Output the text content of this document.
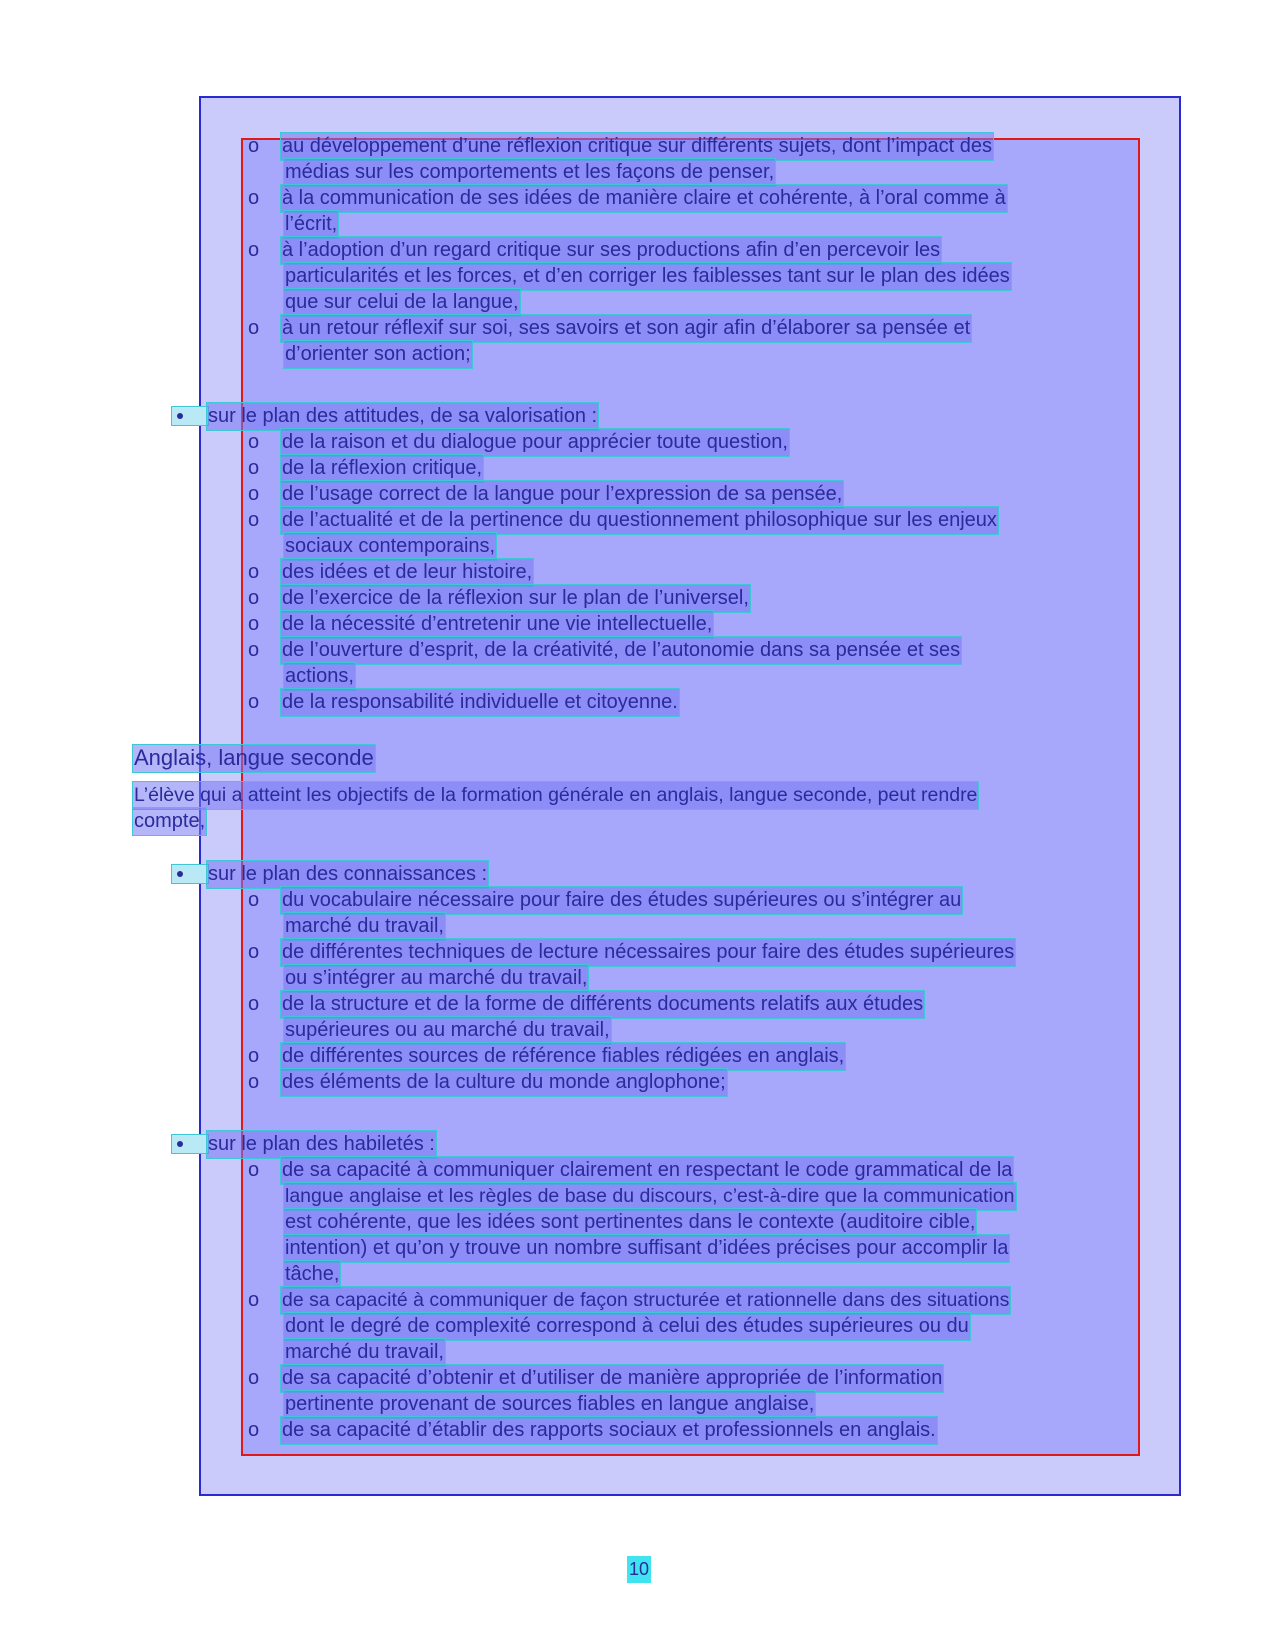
o au développement d’une réflexion critique sur différents sujets, dont l’impact des
médias sur les comportements et les façons de penser,
o à la communication de ses idées de manière claire et cohérente, à l’oral comme à
l’écrit,
o à l’adoption d’un regard critique sur ses productions afin d’en percevoir les
particularités et les forces, et d’en corriger les faiblesses tant sur le plan des idées
que sur celui de la langue,
o à un retour réflexif sur soi, ses savoirs et son agir afin d’élaborer sa pensée et
d’orienter son action;
sur le plan des attitudes, de sa valorisation :
o de la raison et du dialogue pour apprécier toute question,
o de la réflexion critique,
o de l’usage correct de la langue pour l’expression de sa pensée,
o de l’actualité et de la pertinence du questionnement philosophique sur les enjeux
sociaux contemporains,
o des idées et de leur histoire,
o de l’exercice de la réflexion sur le plan de l’universel,
o de la nécessité d’entretenir une vie intellectuelle,
o de l’ouverture d’esprit, de la créativité, de l’autonomie dans sa pensée et ses
actions,
o de la responsabilité individuelle et citoyenne.
Anglais, langue seconde
L’élève qui a atteint les objectifs de la formation générale en anglais, langue seconde, peut rendre
compte,
sur le plan des connaissances :
o du vocabulaire nécessaire pour faire des études supérieures ou s’intégrer au
marché du travail,
o de différentes techniques de lecture nécessaires pour faire des études supérieures
ou s’intégrer au marché du travail,
o de la structure et de la forme de différents documents relatifs aux études
supérieures ou au marché du travail,
o de différentes sources de référence fiables rédigées en anglais,
o des éléments de la culture du monde anglophone;
sur le plan des habiletés :
o de sa capacité à communiquer clairement en respectant le code grammatical de la
langue anglaise et les règles de base du discours, c’est-à-dire que la communication
est cohérente, que les idées sont pertinentes dans le contexte (auditoire cible,
intention) et qu’on y trouve un nombre suffisant d’idées précises pour accomplir la
tâche,
o de sa capacité à communiquer de façon structurée et rationnelle dans des situations
dont le degré de complexité correspond à celui des études supérieures ou du
marché du travail,
o de sa capacité d’obtenir et d’utiliser de manière appropriée de l’information
pertinente provenant de sources fiables en langue anglaise,
o de sa capacité d’établir des rapports sociaux et professionnels en anglais.
10
